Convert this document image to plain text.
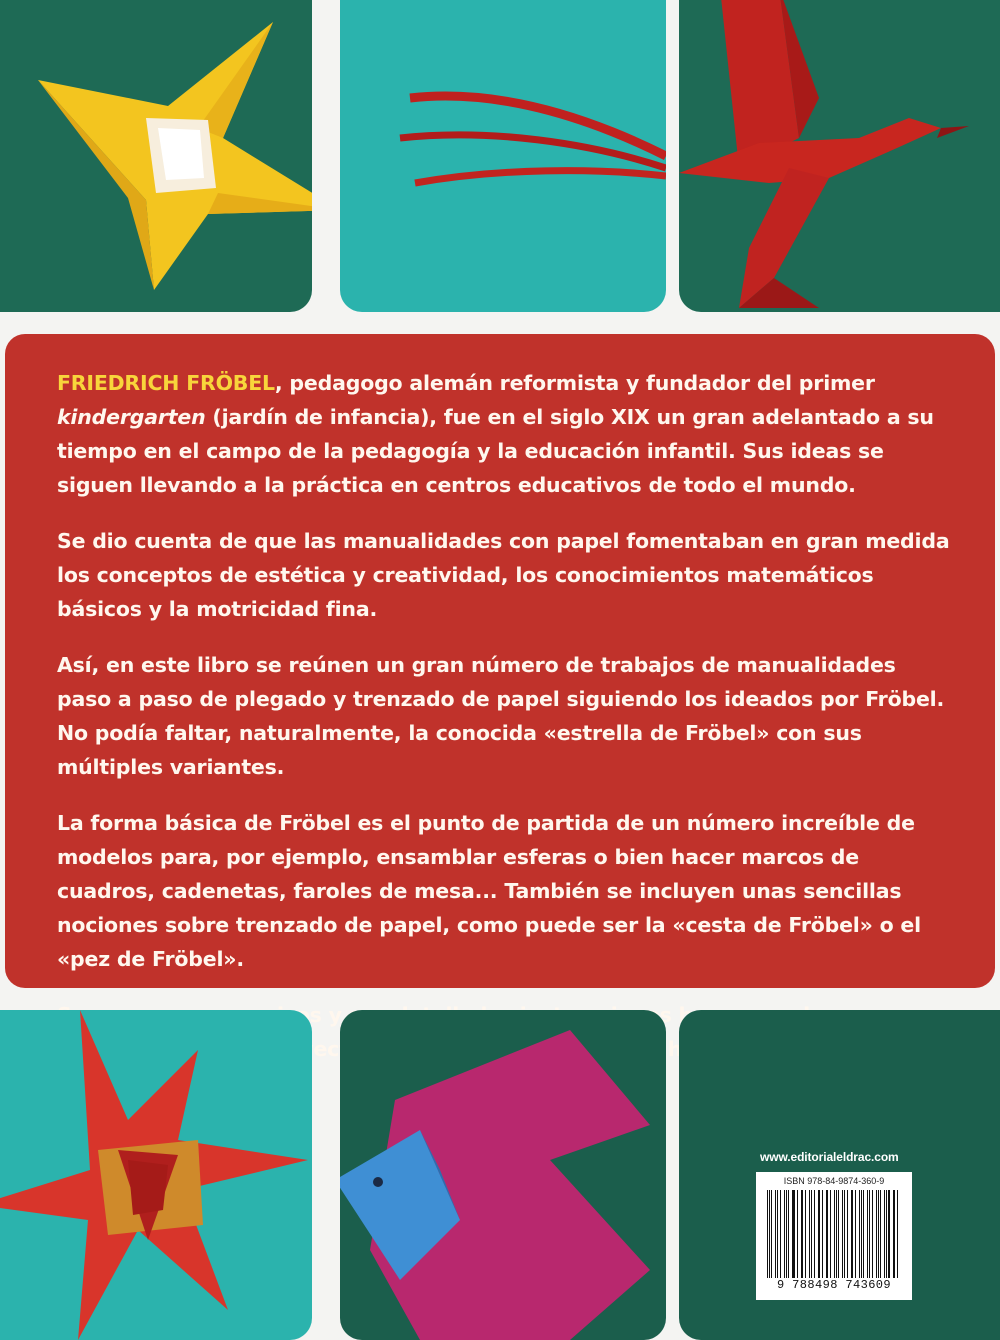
FRIEDRICH FRÖBEL, pedagogo alemán reformista y fundador del primer kindergarten (jardín de infancia), fue en el siglo XIX un gran adelantado a su tiempo en el campo de la pedagogía y la educación infantil. Sus ideas se siguen llevando a la práctica en centros educativos de todo el mundo.

Se dio cuenta de que las manualidades con papel fomentaban en gran medida los conceptos de estética y creatividad, los conocimientos matemáticos básicos y la motricidad fina.

Así, en este libro se reúnen un gran número de trabajos de manualidades paso a paso de plegado y trenzado de papel siguiendo los ideados por Fröbel. No podía faltar, naturalmente, la conocida «estrella de Fröbel» con sus múltiples variantes.

La forma básica de Fröbel es el punto de partida de un número increíble de modelos para, por ejemplo, ensamblar esferas o bien hacer marcos de cuadros, cadenetas, faroles de mesa... También se incluyen unas sencillas nociones sobre trenzado de papel, como puede ser la «cesta de Fröbel» o el «pez de Fröbel».

y proyectos

www.editorialeldrac.com
ISBN 978-84-9874-360-9
9 788498 743609
